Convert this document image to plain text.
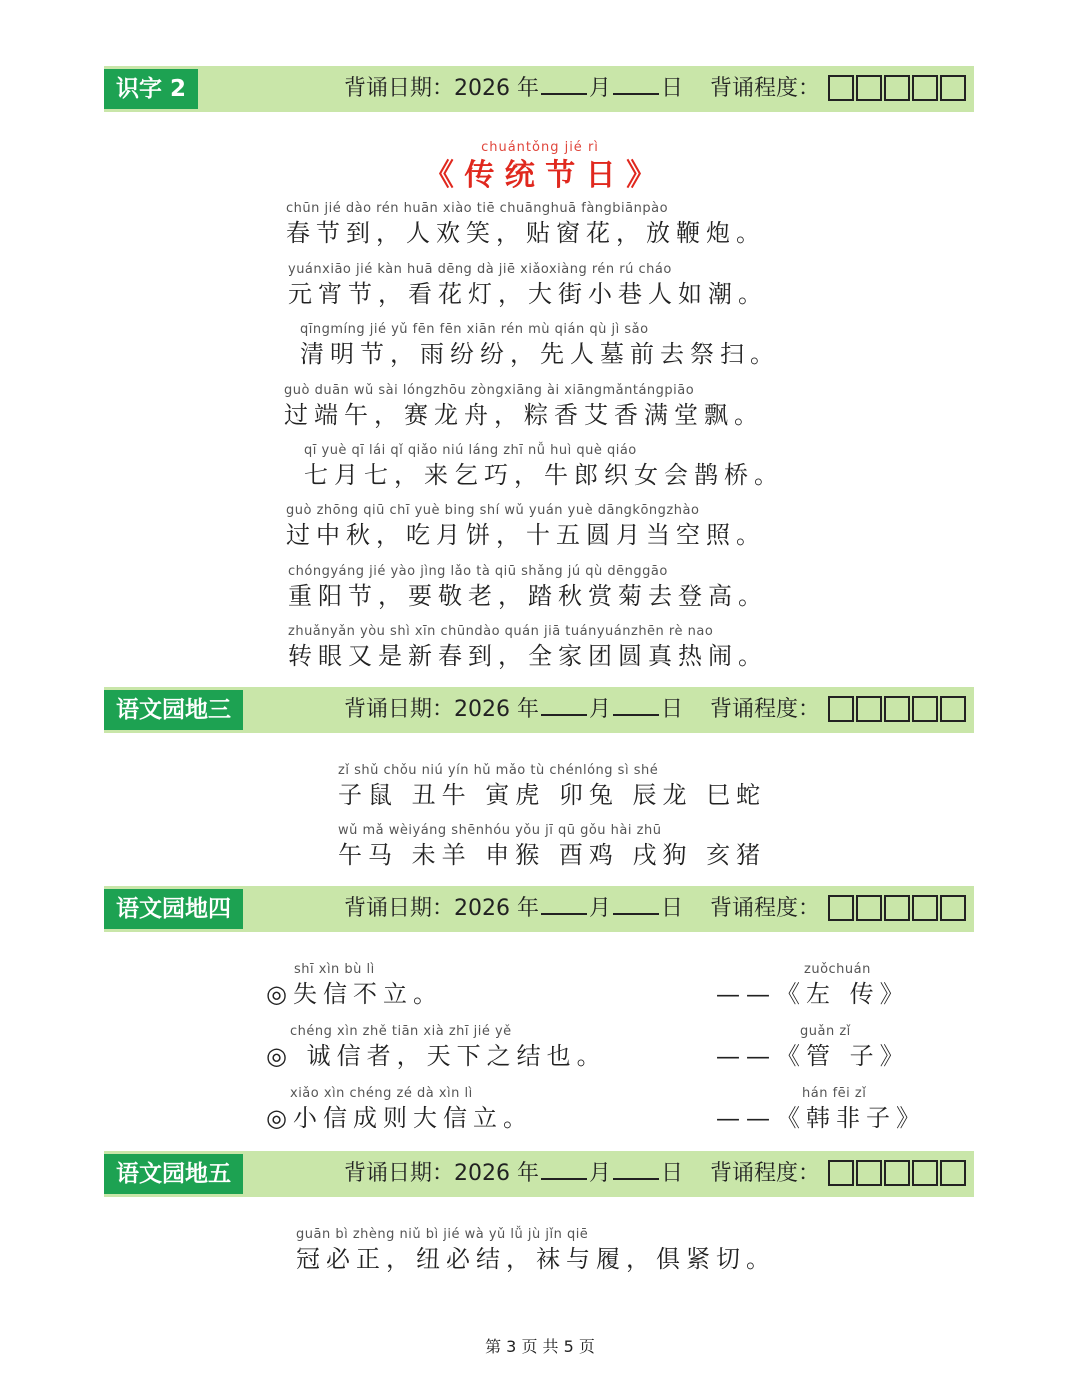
识字 2	背诵日期：2026 年 月 日 背诵程度：
chuántǒng jié rì
《 传 统 节 日 》
chūn jié dào rén huān xiào tiē chuānghuā fàngbiānpào
春节到，人欢笑，贴窗花，放鞭炮。
yuánxiāo jié kàn huā dēng dà jiē xiǎoxiàng rén rú cháo
元宵节，看花灯，大街小巷人如潮。
qīngmíng jié yǔ fēn fēn xiān rén mù qián qù jì sǎo
清明节，雨纷纷，先人墓前去祭扫。
guò duān wǔ sài lóngzhōu zòngxiāng ài xiāngmǎntángpiāo
过端午，赛龙舟，粽香艾香满堂飘。
qī yuè qī lái qǐ qiǎo niú láng zhī nǚ huì què qiáo
七月七，来乞巧，牛郎织女会鹊桥。
guò zhōng qiū chī yuè bing shí wǔ yuán yuè dāngkōngzhào
过中秋，吃月饼，十五圆月当空照。
chóngyáng jié yào jìng lǎo tà qiū shǎng jú qù dēnggāo
重阳节，要敬老，踏秋赏菊去登高。
zhuǎnyǎn yòu shì xīn chūndào quán jiā tuányuánzhēn rè nao
转眼又是新春到，全家团圆真热闹。
语文园地三	背诵日期：2026 年 月 日 背诵程度：
zǐ shǔ chǒu niú yín hǔ mǎo tù chénlóng sì shé
子鼠 丑牛 寅虎 卯兔 辰龙 巳蛇
wǔ mǎ wèiyáng shēnhóu yǒu jī qū gǒu hài zhū
午马 未羊 申猴 酉鸡 戌狗 亥猪
语文园地四	背诵日期：2026 年 月 日 背诵程度：
shī xìn bù lì
◎失信不立。
zuǒchuán
——《左 传》
chéng xìn zhě tiān xià zhī jié yě
◎ 诚信者，天下之结也。
guǎn zǐ
——《管 子》
xiǎo xìn chéng zé dà xìn lì
◎小信成则大信立。
hán fēi zǐ
——《韩非子》
语文园地五	背诵日期：2026 年 月 日 背诵程度：
guān bì zhèng niǔ bì jié wà yǔ lǚ jù jǐn qiē
冠必正，纽必结，袜与履，俱紧切。
第 3 页 共 5 页
